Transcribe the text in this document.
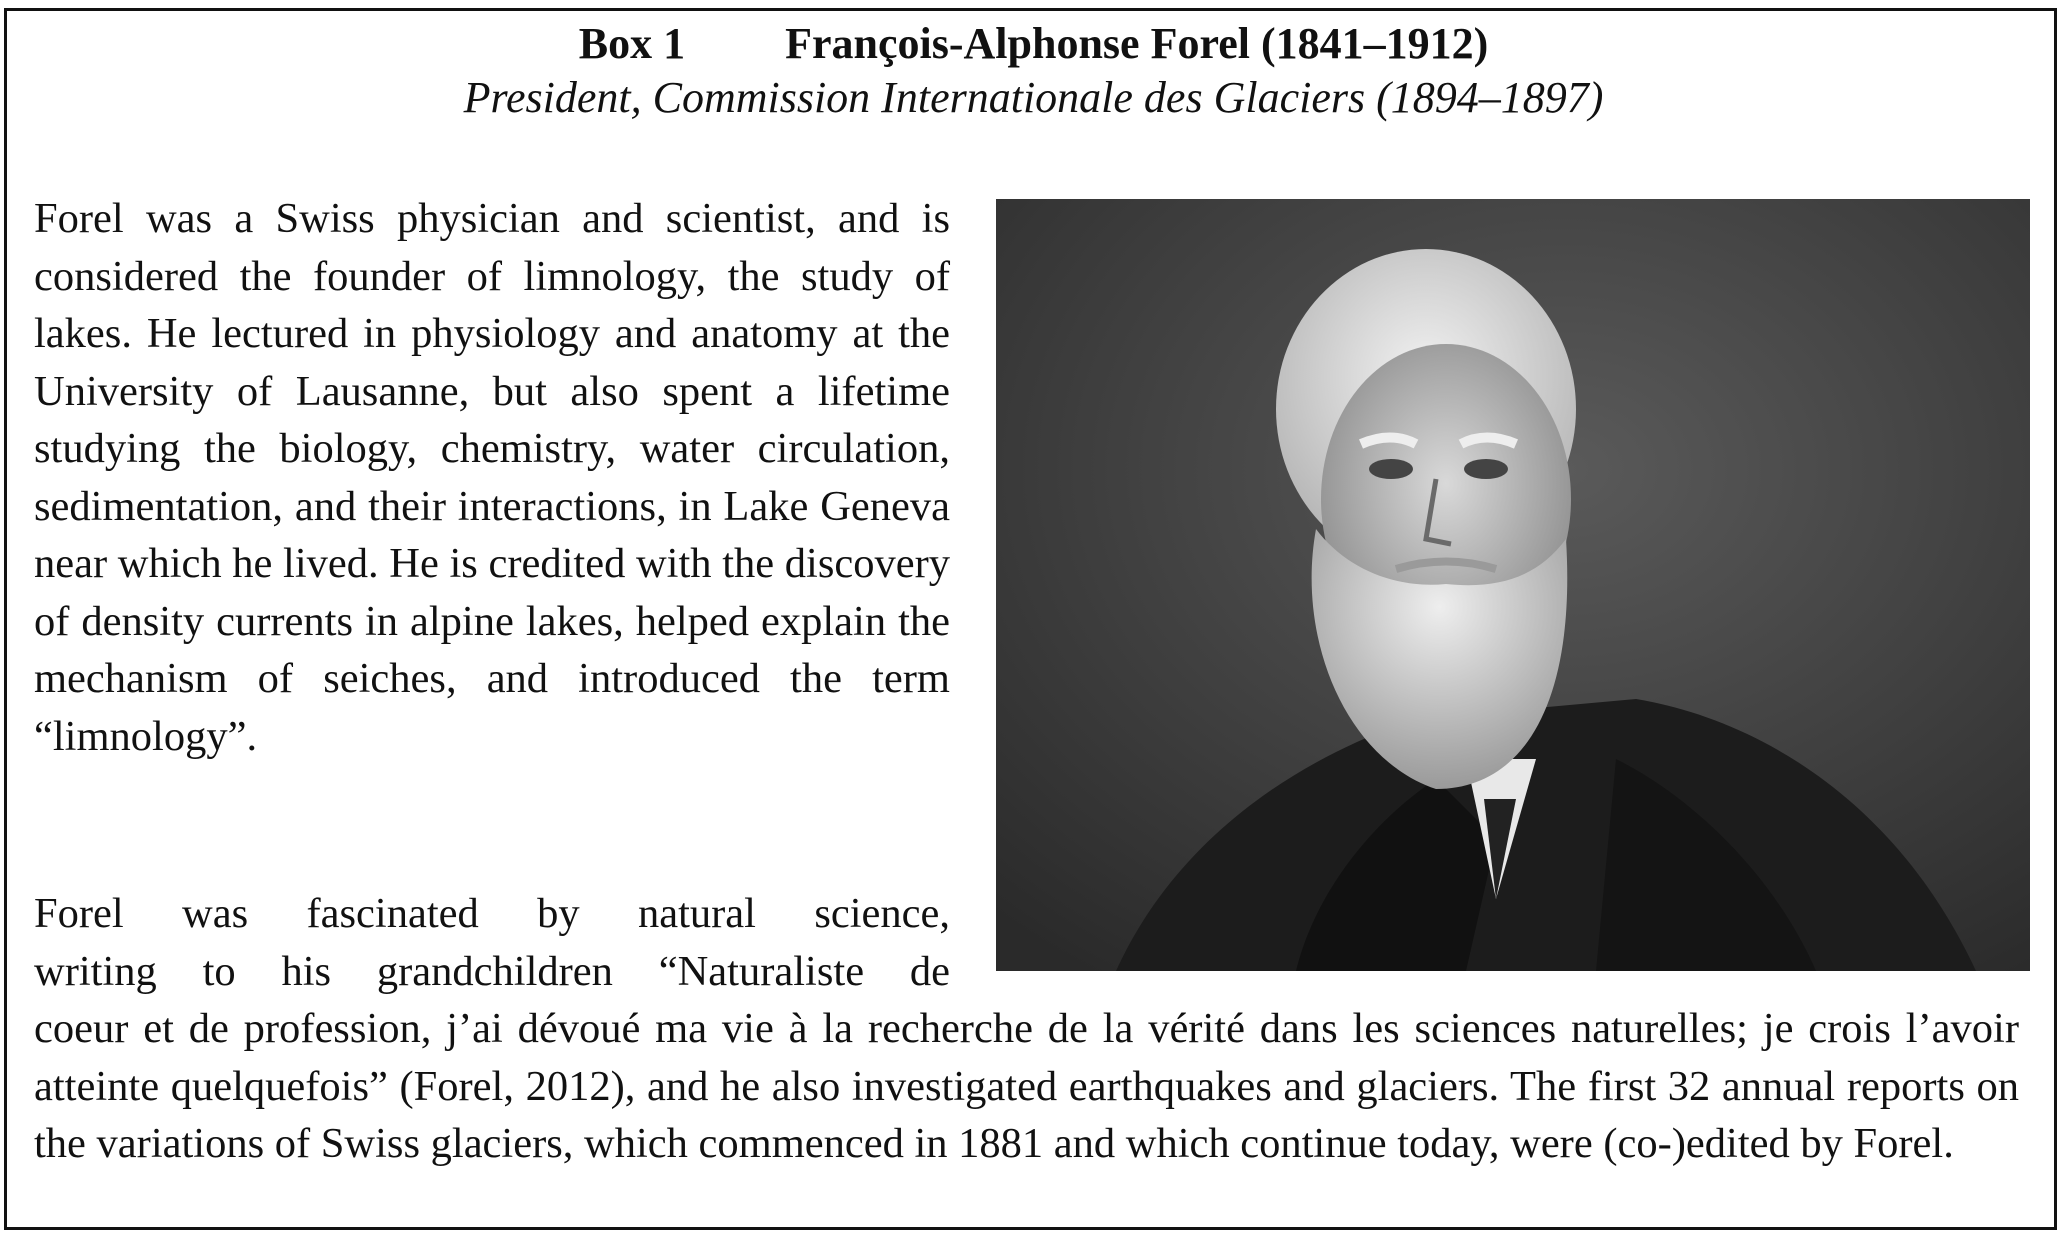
Box 1 François-Alphonse Forel (1841–1912)
President, Commission Internationale des Glaciers (1894–1897)
Forel was a Swiss physician and scientist, and is considered the founder of limnology, the study of lakes. He lectured in physiology and anatomy at the University of Lausanne, but also spent a lifetime studying the biology, chemistry, water circulation, sedimentation, and their interactions, in Lake Geneva near which he lived. He is credited with the discovery of density currents in alpine lakes, helped explain the mechanism of seiches, and introduced the term “limnology”.
Forel was fascinated by natural science,
writing to his grandchildren “Naturaliste de
coeur et de profession, j’ai dévoué ma vie à la recherche de la vérité dans les sciences naturelles; je crois l’avoir atteinte quelquefois” (Forel, 2012), and he also investigated earthquakes and glaciers. The first 32 annual reports on the variations of Swiss glaciers, which commenced in 1881 and which continue today, were (co-)edited by Forel.
